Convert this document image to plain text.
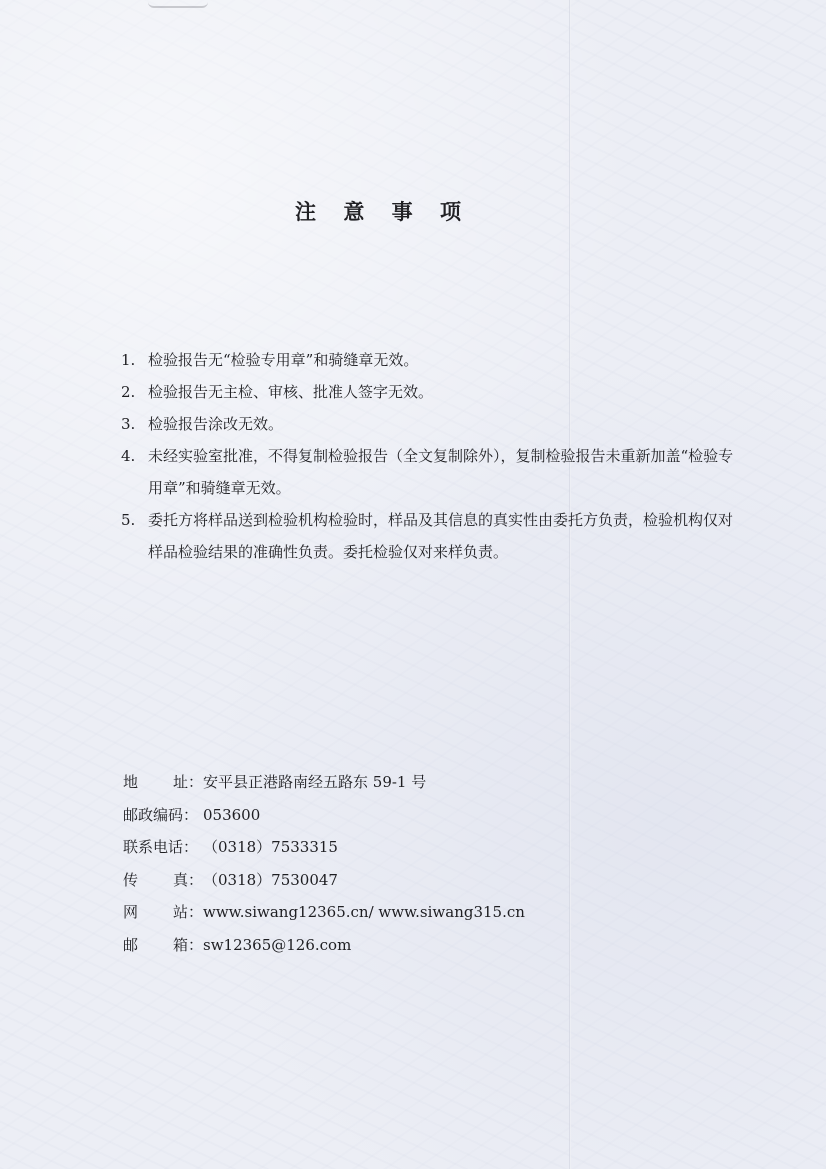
注 意 事 项
1. 检验报告无“检验专用章”和骑缝章无效。
2. 检验报告无主检、审核、批准人签字无效。
3. 检验报告涂改无效。
4. 未经实验室批准，不得复制检验报告（全文复制除外），复制检验报告未重新加盖“检验专用章”和骑缝章无效。
5. 委托方将样品送到检验机构检验时，样品及其信息的真实性由委托方负责，检验机构仅对样品检验结果的准确性负责。委托检验仅对来样负责。
地 址： 安平县正港路南经五路东 59-1 号
邮政编码： 053600
联系电话： （0318）7533315
传 真： （0318）7530047
网 站： www.siwang12365.cn/ www.siwang315.cn
邮 箱： sw12365@126.com
